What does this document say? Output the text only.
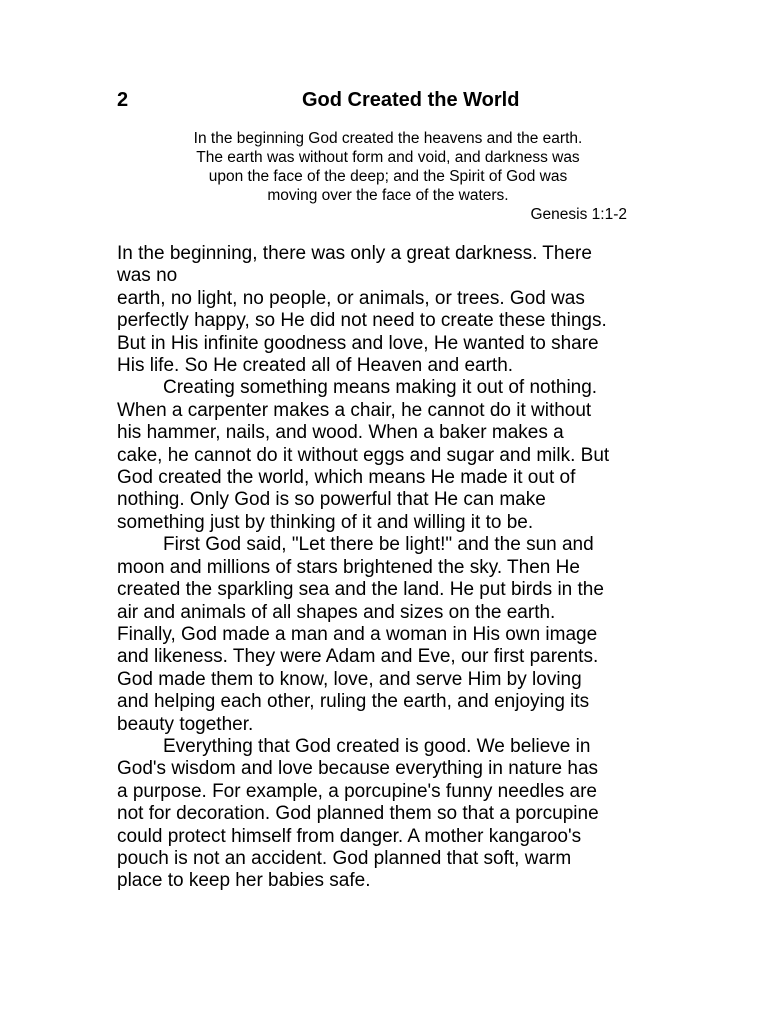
2	God Created the World
In the beginning God created the heavens and the earth.
The earth was without form and void, and darkness was
upon the face of the deep; and the Spirit of God was
moving over the face of the waters.
Genesis 1:1-2
In the beginning, there was only a great darkness. There
was no
earth, no light, no people, or animals, or trees. God was
perfectly happy, so He did not need to create these things.
But in His infinite goodness and love, He wanted to share
His life. So He created all of Heaven and earth.
Creating something means making it out of nothing.
When a carpenter makes a chair, he cannot do it without
his hammer, nails, and wood. When a baker makes a
cake, he cannot do it without eggs and sugar and milk. But
God created the world, which means He made it out of
nothing. Only God is so powerful that He can make
something just by thinking of it and willing it to be.
First God said, "Let there be light!" and the sun and
moon and millions of stars brightened the sky. Then He
created the sparkling sea and the land. He put birds in the
air and animals of all shapes and sizes on the earth.
Finally, God made a man and a woman in His own image
and likeness. They were Adam and Eve, our first parents.
God made them to know, love, and serve Him by loving
and helping each other, ruling the earth, and enjoying its
beauty together.
Everything that God created is good. We believe in
God's wisdom and love because everything in nature has
a purpose. For example, a porcupine's funny needles are
not for decoration. God planned them so that a porcupine
could protect himself from danger. A mother kangaroo's
pouch is not an accident. God planned that soft, warm
place to keep her babies safe.
